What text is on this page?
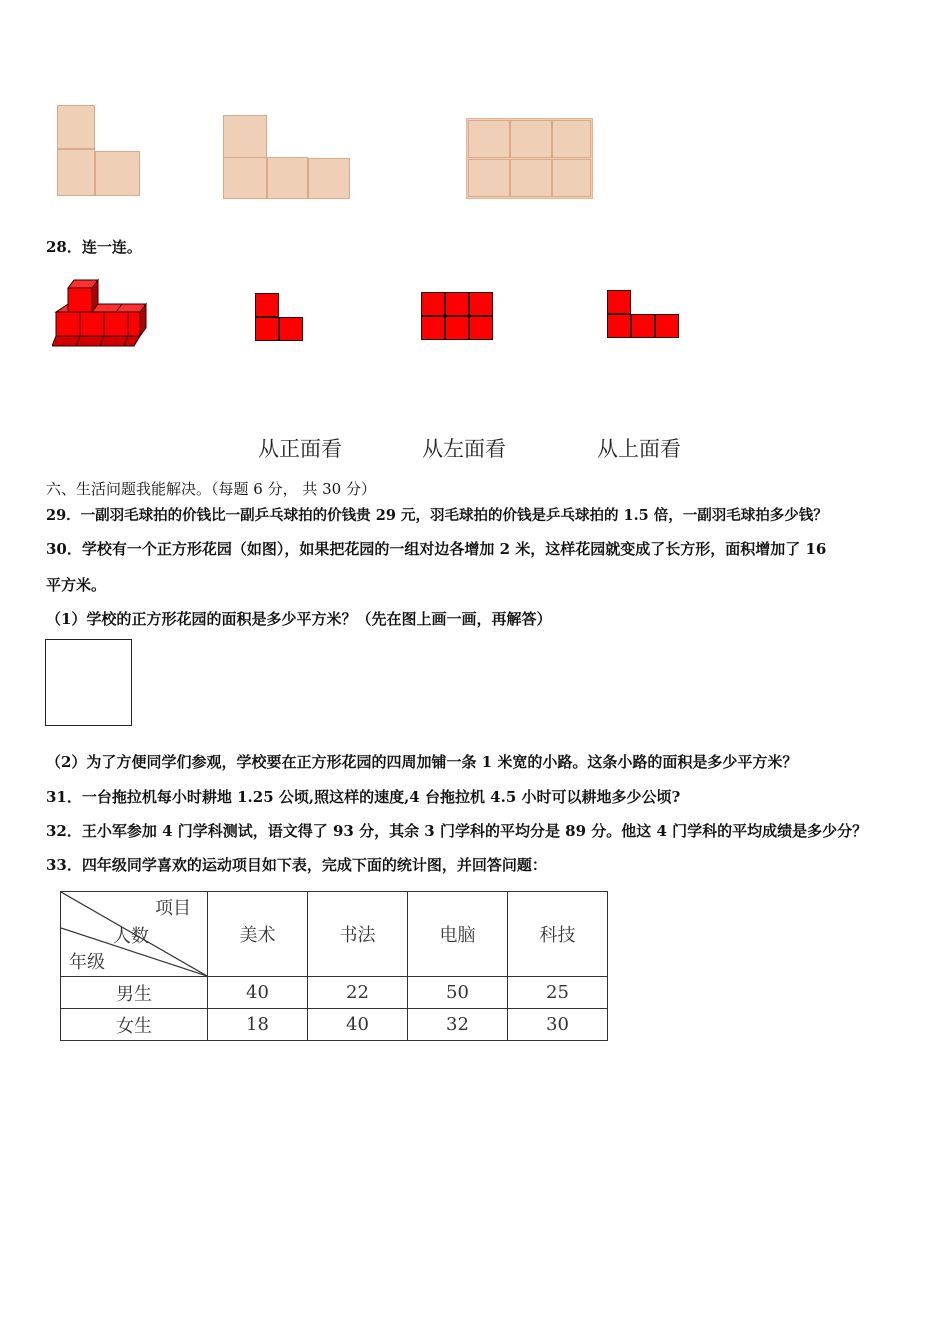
28．连一连。
从正面看	从左面看	从上面看
六、生活问题我能解决。（每题 6 分， 共 30 分）
29．一副羽毛球拍的价钱比一副乒乓球拍的价钱贵 29 元，羽毛球拍的价钱是乒乓球拍的 1.5 倍，一副羽毛球拍多少钱？
30．学校有一个正方形花园（如图），如果把花园的一组对边各增加 2 米，这样花园就变成了长方形，面积增加了 16
平方米。
（1）学校的正方形花园的面积是多少平方米？（先在图上画一画，再解答）
（2）为了方便同学们参观，学校要在正方形花园的四周加铺一条 1 米宽的小路。这条小路的面积是多少平方米？
31．一台拖拉机每小时耕地 1.25 公顷,照这样的速度,4 台拖拉机 4.5 小时可以耕地多少公顷?
32．王小军参加 4 门学科测试，语文得了 93 分，其余 3 门学科的平均分是 89 分。他这 4 门学科的平均成绩是多少分？
33．四年级同学喜欢的运动项目如下表，完成下面的统计图，并回答问题：
项目
人数
年级	美术	书法	电脑	科技
男生	40	22	50	25
女生	18	40	32	30
